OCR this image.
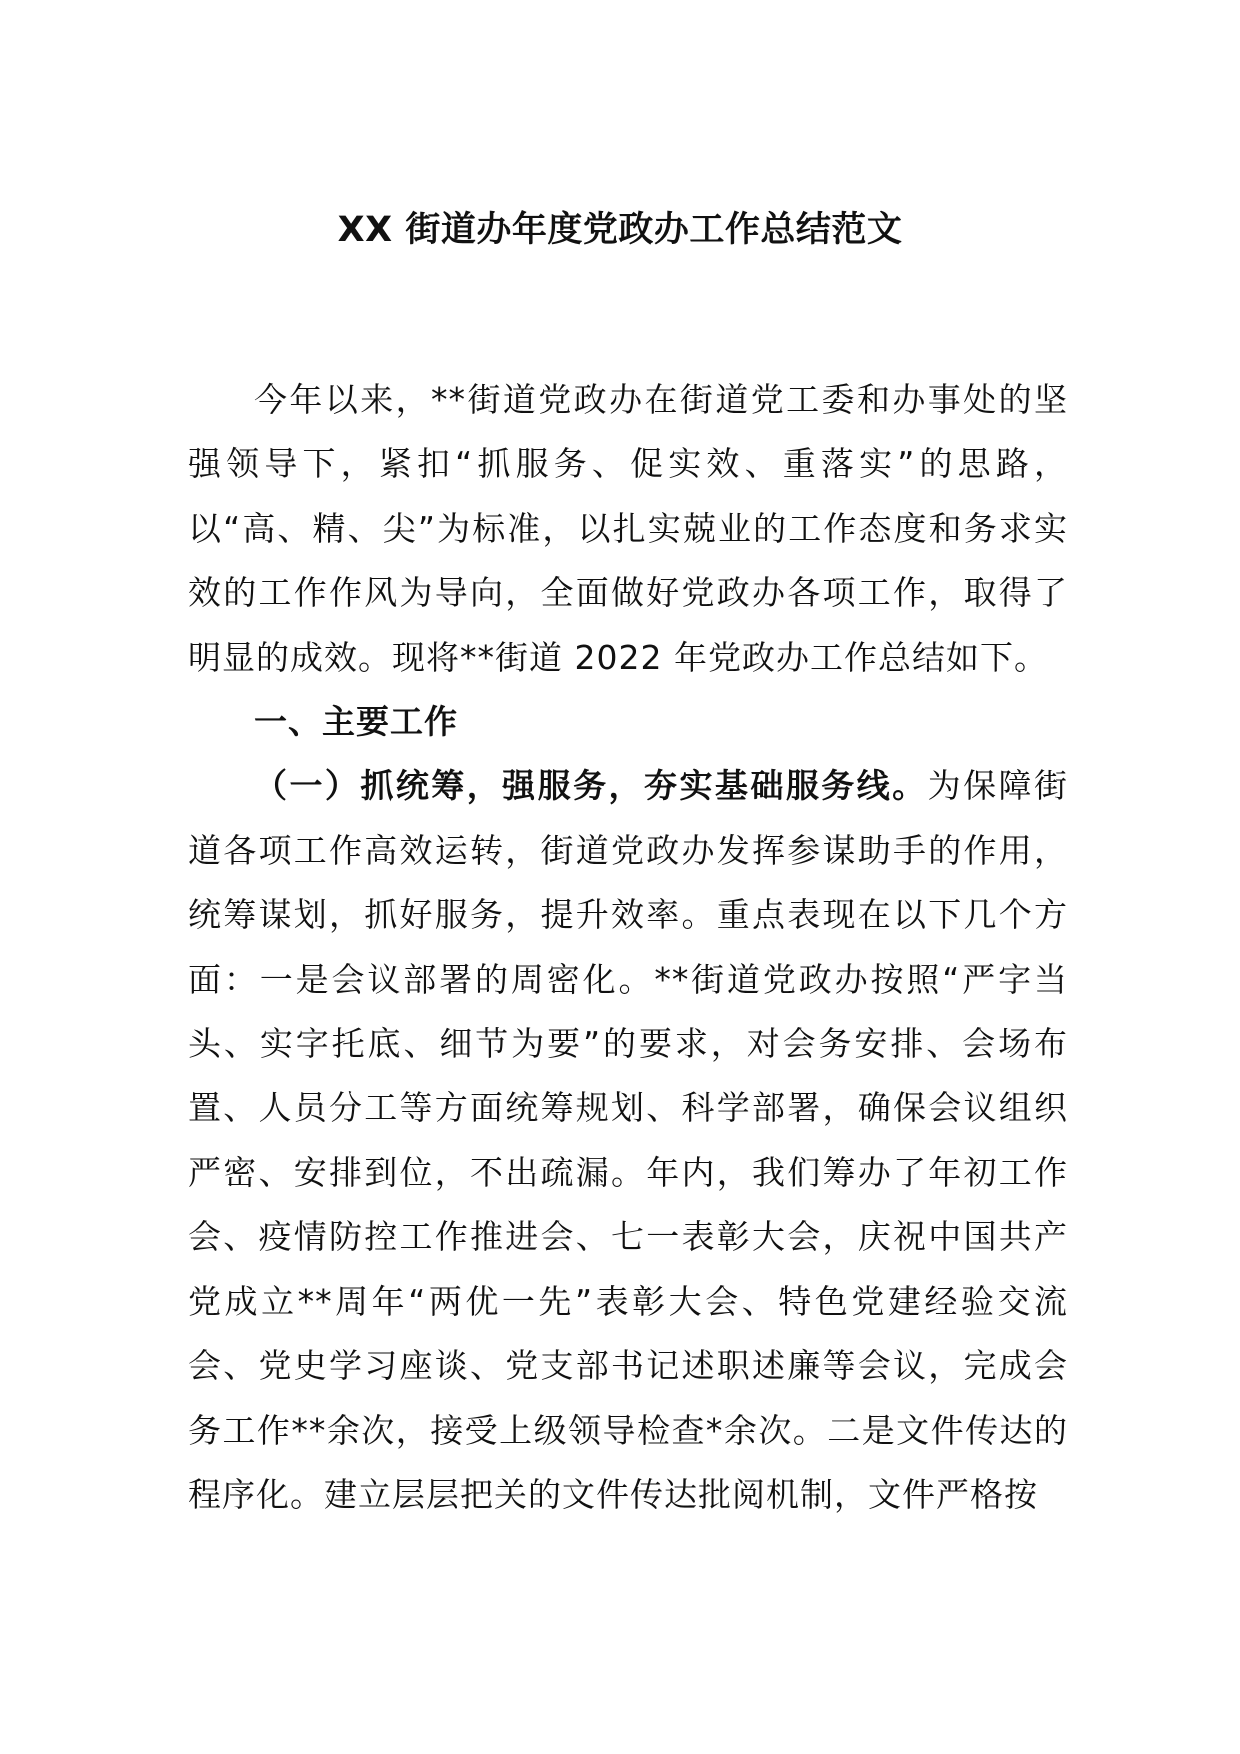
XX 街道办年度党政办工作总结范文

今年以来，**街道党政办在街道党工委和办事处的坚强领导下，紧扣“抓服务、促实效、重落实”的思路，以“高、精、尖”为标准，以扎实兢业的工作态度和务求实效的工作作风为导向，全面做好党政办各项工作，取得了明显的成效。现将**街道 2022 年党政办工作总结如下。

一、主要工作

（一）抓统筹，强服务，夯实基础服务线。为保障街道各项工作高效运转，街道党政办发挥参谋助手的作用，统筹谋划，抓好服务，提升效率。重点表现在以下几个方面：一是会议部署的周密化。**街道党政办按照“严字当头、实字托底、细节为要”的要求，对会务安排、会场布置、人员分工等方面统筹规划、科学部署，确保会议组织严密、安排到位，不出疏漏。年内，我们筹办了年初工作会、疫情防控工作推进会、七一表彰大会，庆祝中国共产党成立**周年“两优一先”表彰大会、特色党建经验交流会、党史学习座谈、党支部书记述职述廉等会议，完成会务工作**余次，接受上级领导检查*余次。二是文件传达的程序化。建立层层把关的文件传达批阅机制，文件严格按
